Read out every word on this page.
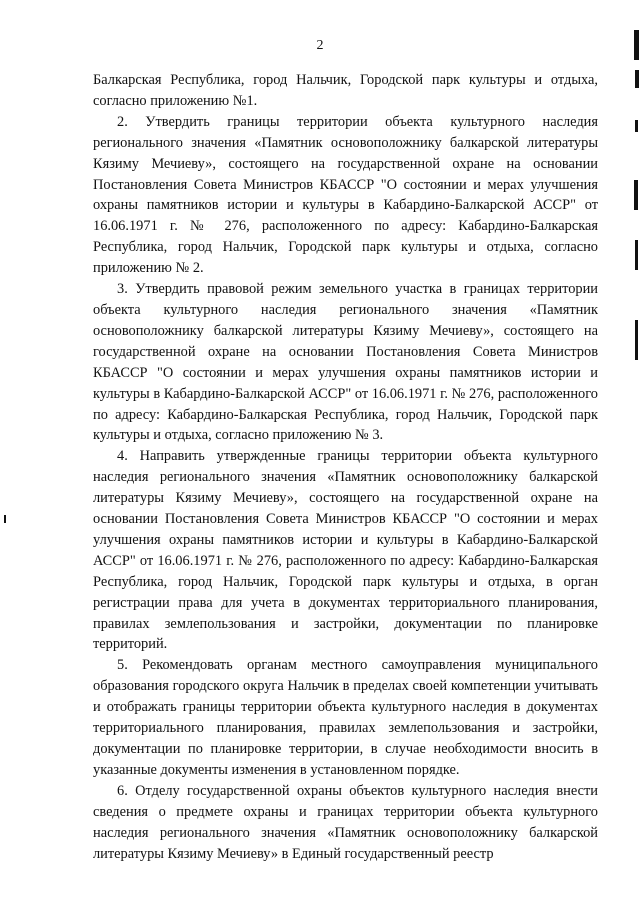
2

Балкарская Республика, город Нальчик, Городской парк культуры и отдыха, согласно приложению №1.

2. Утвердить границы территории объекта культурного наследия регионального значения «Памятник основоположнику балкарской литературы Кязиму Мечиеву», состоящего на государственной охране на основании Постановления Совета Министров КБАССР "О состоянии и мерах улучшения охраны памятников истории и культуры в Кабардино-Балкарской АССР" от 16.06.1971 г. № 276, расположенного по адресу: Кабардино-Балкарская Республика, город Нальчик, Городской парк культуры и отдыха, согласно приложению № 2.

3. Утвердить правовой режим земельного участка в границах территории объекта культурного наследия регионального значения «Памятник основоположнику балкарской литературы Кязиму Мечиеву», состоящего на государственной охране на основании Постановления Совета Министров КБАССР "О состоянии и мерах улучшения охраны памятников истории и культуры в Кабардино-Балкарской АССР" от 16.06.1971 г. № 276, расположенного по адресу: Кабардино-Балкарская Республика, город Нальчик, Городской парк культуры и отдыха, согласно приложению № 3.

4. Направить утвержденные границы территории объекта культурного наследия регионального значения «Памятник основоположнику балкарской литературы Кязиму Мечиеву», состоящего на государственной охране на основании Постановления Совета Министров КБАССР "О состоянии и мерах улучшения охраны памятников истории и культуры в Кабардино-Балкарской АССР" от 16.06.1971 г. № 276, расположенного по адресу: Кабардино-Балкарская Республика, город Нальчик, Городской парк культуры и отдыха, в орган регистрации права для учета в документах территориального планирования, правилах землепользования и застройки, документации по планировке территорий.

5. Рекомендовать органам местного самоуправления муниципального образования городского округа Нальчик в пределах своей компетенции учитывать и отображать границы территории объекта культурного наследия в документах территориального планирования, правилах землепользования и застройки, документации по планировке территории, в случае необходимости вносить в указанные документы изменения в установленном порядке.

6. Отделу государственной охраны объектов культурного наследия внести сведения о предмете охраны и границах территории объекта культурного наследия регионального значения «Памятник основоположнику балкарской литературы Кязиму Мечиеву» в Единый государственный реестр
